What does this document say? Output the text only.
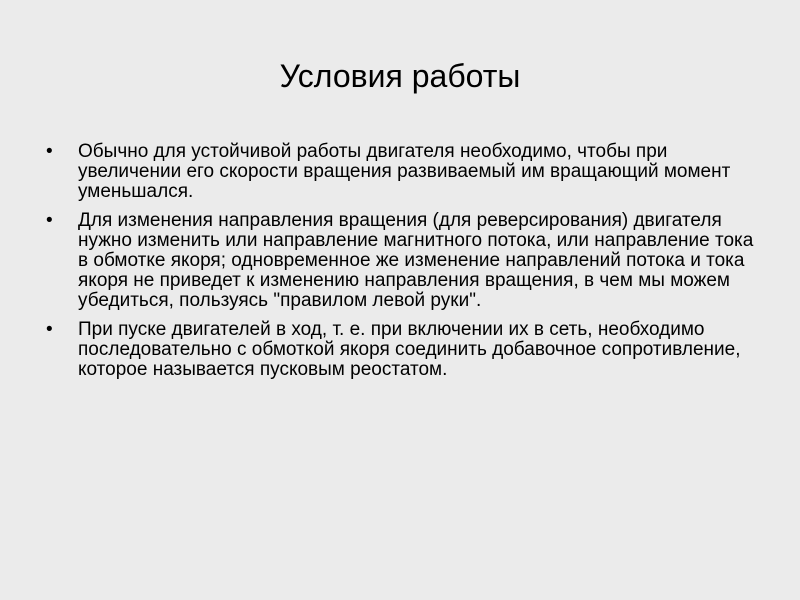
Условия работы
• Обычно для устойчивой работы двигателя необходимо, чтобы при увеличении его скорости вращения развиваемый им вращающий момент уменьшался.
• Для изменения направления вращения (для реверсирования) двигателя нужно изменить или направление магнитного потока, или направление тока в обмотке якоря; одновременное же изменение направлений потока и тока якоря не приведет к изменению направления вращения, в чем мы можем убедиться, пользуясь "правилом левой руки".
• При пуске двигателей в ход, т. е. при включении их в сеть, необходимо последовательно с обмоткой якоря соединить добавочное сопротивление, которое называется пусковым реостатом.
